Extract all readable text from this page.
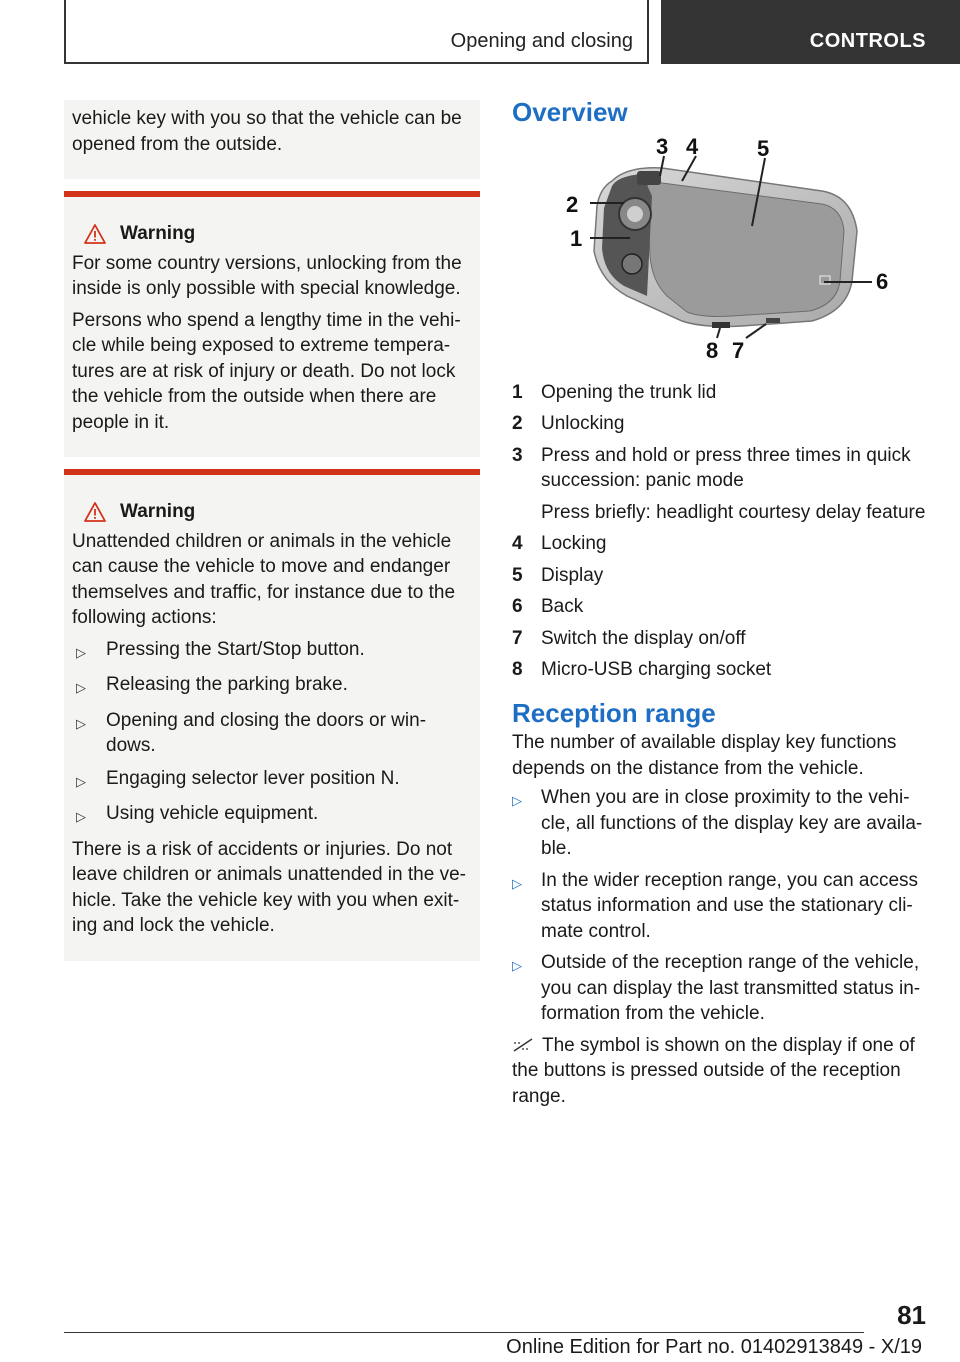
Opening and closing	CONTROLS

vehicle key with you so that the vehicle can be opened from the outside.

Warning

For some country versions, unlocking from the inside is only possible with special knowledge.

Persons who spend a lengthy time in the vehi-cle while being exposed to extreme tempera-tures are at risk of injury or death. Do not lock the vehicle from the outside when there are people in it.

Warning

Unattended children or animals in the vehicle can cause the vehicle to move and endanger themselves and traffic, for instance due to the following actions:

▷	Pressing the Start/Stop button.
▷	Releasing the parking brake.
▷	Opening and closing the doors or win-dows.
▷	Engaging selector lever position N.
▷	Using vehicle equipment.

There is a risk of accidents or injuries. Do not leave children or animals unattended in the ve-hicle. Take the vehicle key with you when exit-ing and lock the vehicle.

Overview
1
2
3 4	5
6
7
8
1 Opening the trunk lid
2 Unlocking
3 Press and hold or press three times in quick succession: panic mode

Press briefly: headlight courtesy delay feature

4 Locking
5 Display
6 Back
7 Switch the display on/off
8 Micro-USB charging socket
Reception range

The number of available display key functions depends on the distance from the vehicle.

▷	When you are in close proximity to the vehi-cle, all functions of the display key are availa-ble.
▷	In the wider reception range, you can access status information and use the stationary cli-mate control.
▷	Outside of the reception range of the vehicle, you can display the last transmitted status in-formation from the vehicle.

The symbol is shown on the display if one of the buttons is pressed outside of the reception range.

81
Online Edition for Part no. 01402913849 - X/19
